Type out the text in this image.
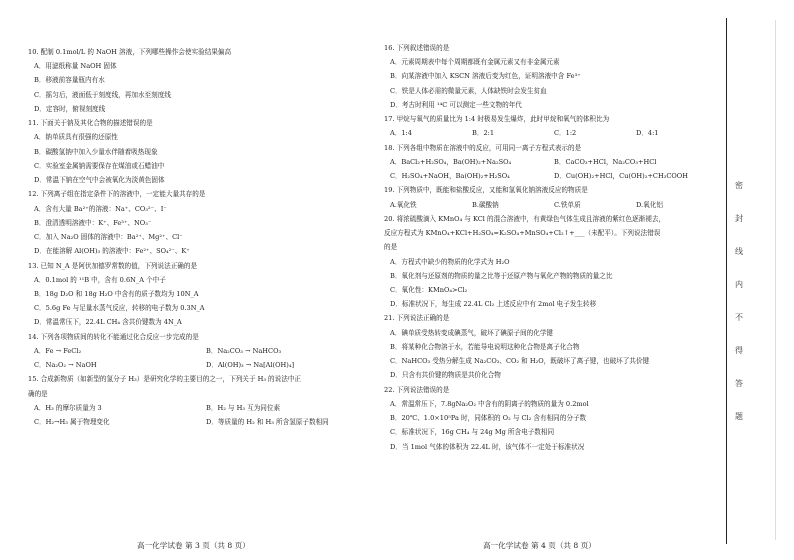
10. 配制 0.1mol/L 的 NaOH 溶液，下列哪些操作会使实验结果偏高
A．用滤纸称量 NaOH 固体
B．移液前容量瓶内有水
C．摇匀后，液面低于刻度线，再加水至刻度线
D．定容时，俯视刻度线
11. 下面关于钠及其化合物的描述错误的是
A．钠单质具有很强的还原性
B．碳酸氢钠中加入少量水伴随着吸热现象
C．实验室金属钠需要保存在煤油或石蜡油中
D．常温下钠在空气中会被氧化为淡黄色固体
12. 下列离子组在指定条件下的溶液中，一定能大量共存的是
A．含有大量 Ba²⁺的溶液：Na⁺、CO₃²⁻、I⁻
B．澄清透明溶液中：K⁺、Fe³⁺、NO₃⁻
C．加入 Na₂O 固体的溶液中：Ba²⁺、Mg²⁺、Cl⁻
D．在能溶解 Al(OH)₃ 的溶液中：Fe²⁺、SO₄²⁻、K⁺
13. 已知 N_A 是阿伏加德罗常数的值，下列说法正确的是
A．0.1mol 的 ¹¹B 中，含有 0.6N_A 个中子
B．18g D₂O 和 18g H₂O 中含有的质子数均为 10N_A
C．5.6g Fe 与足量水蒸气反应，转移的电子数为 0.3N_A
D．常温常压下，22.4L CH₄ 含共价键数为 4N_A
14. 下列各项物质间的转化不能通过化合反应一步完成的是
A．Fe → FeCl₂	B．Na₂CO₃ → NaHCO₃
C．Na₂O₂ → NaOH	D．Al(OH)₃ → Na[Al(OH)₄]
15. 合成新物质（如新型的氢分子 H₃）是研究化学的主要目的之一，下列关于 H₃ 的说法中正
确的是
A．H₃ 的摩尔质量为 3	B．H₂ 与 H₃ 互为同位素
C．H₂→H₃ 属于物理变化	D．等质量的 H₂ 和 H₃ 所含氢原子数相同
16. 下列叙述错误的是
A．元素周期表中每个周期都既有金属元素又有非金属元素
B．向某溶液中加入 KSCN 溶液后变为红色，证明溶液中含 Fe³⁺
C．铁是人体必需的微量元素，人体缺铁时会发生贫血
D．考古时利用 ¹⁴C 可以测定一些文物的年代
17. 甲烷与氧气的质量比为 1:4 时极易发生爆炸，此时甲烷和氧气的体积比为
A．1:4	B．2:1	C．1:2	D．4:1
18. 下列各组中物质在溶液中的反应，可用同一离子方程式表示的是
A．BaCl₂+H₂SO₄，Ba(OH)₂+Na₂SO₄	B．CaCO₃+HCl，Na₂CO₃+HCl
C．H₂SO₄+NaOH，Ba(OH)₂+H₂SO₄	D．Cu(OH)₂+HCl，Cu(OH)₂+CH₃COOH
19. 下列物质中，既能和盐酸反应，又能和氢氧化钠溶液反应的物质是
A.氧化铁	B.碳酸钠	C.铁单质	D.氧化铝
20. 将浓硫酸滴入 KMnO₄ 与 KCl 的混合溶液中，有黄绿色气体生成且溶液的紫红色逐渐褪去，
反应方程式为 KMnO₄+KCl+H₂SO₄=K₂SO₄+MnSO₄+Cl₂↑+___（未配平）。下列说法错误
的是
A．方程式中缺少的物质的化学式为 H₂O
B．氧化剂与还原剂的物质的量之比等于还原产物与氧化产物的物质的量之比
C．氧化性：KMnO₄>Cl₂
D．标准状况下，每生成 22.4L Cl₂ 上述反应中有 2mol 电子发生转移
21. 下列说法正确的是
A．碘单质受热转变成碘蒸气，破坏了碘原子间的化学键
B．将某种化合物溶于水，若能导电说明这种化合物是离子化合物
C．NaHCO₃ 受热分解生成 Na₂CO₃、CO₂ 和 H₂O，既破坏了离子键，也破坏了共价键
D．只含有共价键的物质是共价化合物
22. 下列说法错误的是
A．常温常压下，7.8gNa₂O₂ 中含有的阴离子的物质的量为 0.2mol
B．20℃、1.0×10⁵Pa 时，同体积的 O₂ 与 Cl₂ 含有相同的分子数
C．标准状况下，16g CH₄ 与 24g Mg 所含电子数相同
D．当 1mol 气体的体积为 22.4L 时，该气体不一定处于标准状况
高一化学试卷 第 3 页（共 8 页）	高一化学试卷 第 4 页（共 8 页）
密
封
线
内
不
得
答
题
